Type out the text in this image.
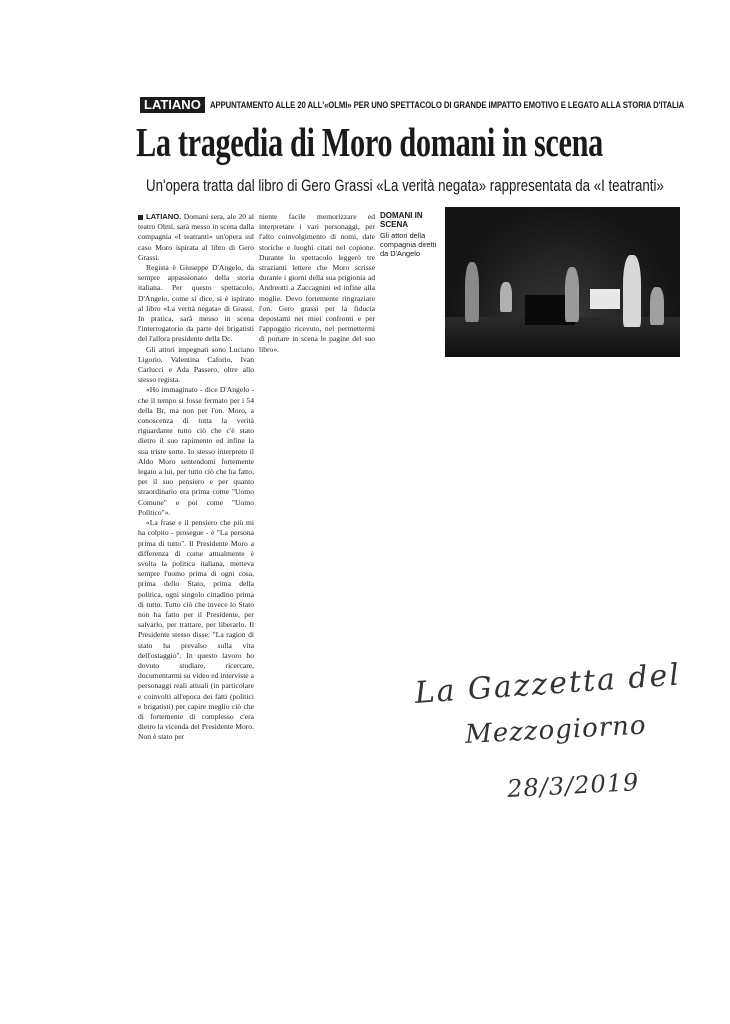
LATIANO	APPUNTAMENTO ALLE 20 ALL'«OLMI» PER UNO SPETTACOLO DI GRANDE IMPATTO EMOTIVO E LEGATO ALLA STORIA D'ITALIA
La tragedia di Moro domani in scena
Un'opera tratta dal libro di Gero Grassi «La verità negata» rappresentata da «I teatranti»

LATIANO. Domani sera, ale 20 al teatro Olmi, sarà messo in scena dalla compagnia «I teatranti» un'opera sul caso Moro ispirata al libro di Gero Grassi.

Regista è Giuseppe D'Angelo, da sempre appassionato della storia italiana. Per questo spettacolo, D'Angelo, come si dice, si è ispirato al libro «La verità negata» di Grassi. In pratica, sarà messo in scena l'interrogatorio da parte dei brigatisti del l'allora presidente della Dc.

Gli attori impegnati sono Luciano Ligorio, Valentina Caforio, Ivan Carlucci e Ada Passero, oltre allo stesso regista.

«Ho immaginato - dice D'Angelo - che il tempo si fosse fermato per i 54 della Br, ma non per l'on. Moro, a conoscenza di tutta la verità riguardante tutto ciò che c'è stato dietro il suo rapimento ed infine la sua triste sorte. Io stesso interpreto il Aldo Moro sentendomi fortemente legato a lui, per tutto ciò che ha fatto, per il suo pensiero e per quanto straordinario era prima come "Uomo Comune" e poi come "Uomo Politico"».

«La frase e il pensiero che più mi ha colpito - prosegue - è "La persona prima di tutto". Il Presidente Moro a differenza di come attualmente è svolta la politica italiana, metteva sempre l'uomo prima di ogni cosa, prima dello Stato, prima della politica, ogni singolo cittadino prima di tutto. Tutto ciò che invece lo Stato non ha fatto per il Presidente, per salvarlo, per trattare, per liberarlo. Il Presidente stesso disse: "La ragion di stato ha prevalso sulla vita dell'ostaggio". In questo lavoro ho dovuto studiare, ricercare, documentarmi su video ed interviste a personaggi reali attuali (in particolare e coinvolti all'epoca dei fatti (politici e brigatisti) per capire meglio ciò che di fortemente di complesso c'era dietro la vicenda del Presidente Moro. Non è stato per

niente facile memorizzare ed interpretare i vari personaggi, per l'alto coinvolgimento di nomi, date storiche e luoghi citati nel copione. Durante lo spettacolo leggerò tre strazianti lettere che Moro scrisse durante i giorni della sua prigionia ad Andreotti a Zaccagnini ed infine alla moglie. Devo fortemente ringraziare l'on. Gero grassi per la fiducia depostami nei miei confronti e per l'appoggio ricevuto, nel permettermi di portare in scena le pagine del suo libro».

DOMANI IN SCENA
Gli attori della compagnia diretti da D'Angelo
La Gazzetta del
Mezzogiorno
28/3/2019
